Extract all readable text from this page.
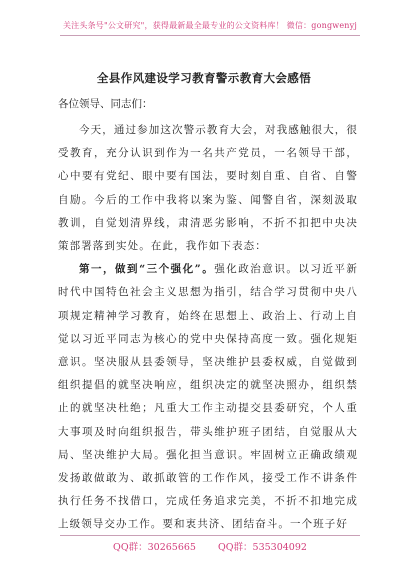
关注头条号"公文研究"，获得最新最全最专业的公文资料库！ 微信：gongwenyj
全县作风建设学习教育警示教育大会感悟
各位领导、同志们：

今天，通过参加这次警示教育大会，对我感触很大，很受教育，充分认识到作为一名共产党员，一名领导干部，心中要有党纪、眼中要有国法，要时刻自重、自省、自警自励。今后的工作中我将以案为鉴、闻警自省，深刻汲取教训，自觉划清界线，肃清恶劣影响，不折不扣把中央决策部署落到实处。在此，我作如下表态：

第一，做到“三个强化”。强化政治意识。以习近平新时代中国特色社会主义思想为指引，结合学习贯彻中央八项规定精神学习教育，始终在思想上、政治上、行动上自觉以习近平同志为核心的党中央保持高度一致。强化规矩意识。坚决服从县委领导，坚决维护县委权威，自觉做到组织提倡的就坚决响应，组织决定的就坚决照办，组织禁止的就坚决杜绝；凡重大工作主动提交县委研究，个人重大事项及时向组织报告，带头维护班子团结，自觉服从大局、坚决维护大局。强化担当意识。牢固树立正确政绩观发扬敢做敢为、敢抓敢管的工作作风，接受工作不讲条件执行任务不找借口，完成任务追求完美，不折不扣地完成上级领导交办工作。要和衷共济、团结奋斗。一个班子好

QQ群：30265665 QQ群：535304092
